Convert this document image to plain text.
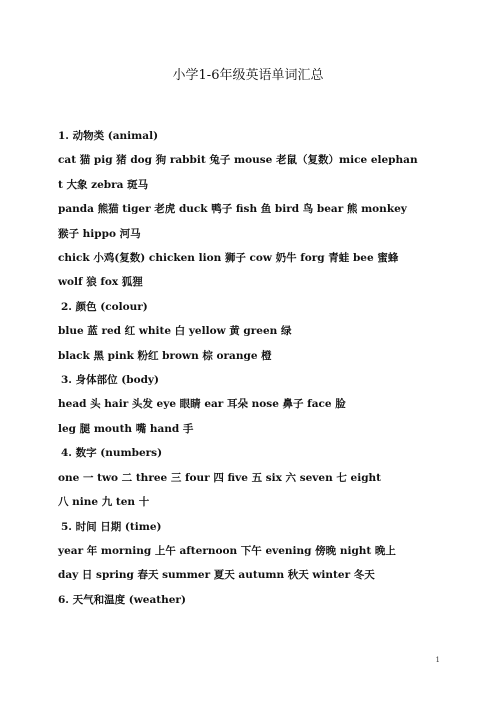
小学1-6年级英语单词汇总
1. 动物类 (animal)
cat 猫 pig 猪 dog 狗 rabbit 兔子 mouse 老鼠（复数）mice elephan
t 大象 zebra 斑马
panda 熊猫 tiger 老虎 duck 鸭子 fish 鱼 bird 鸟 bear 熊 monkey
猴子 hippo 河马
chick 小鸡(复数) chicken lion 狮子 cow 奶牛 forg 青蛙 bee 蜜蜂
wolf 狼 fox 狐狸
2. 颜色 (colour)
blue 蓝 red 红 white 白 yellow 黄 green 绿
black 黑 pink 粉红 brown 棕 orange 橙
3. 身体部位 (body)
head 头 hair 头发 eye 眼睛 ear 耳朵 nose 鼻子 face 脸
leg 腿 mouth 嘴 hand 手
4. 数字 (numbers)
one 一 two 二 three 三 four 四 five 五 six 六 seven 七 eight
八 nine 九 ten 十
5. 时间 日期 (time)
year 年 morning 上午 afternoon 下午 evening 傍晚 night 晚上
day 日 spring 春天 summer 夏天 autumn 秋天 winter 冬天
6. 天气和温度 (weather)
1
